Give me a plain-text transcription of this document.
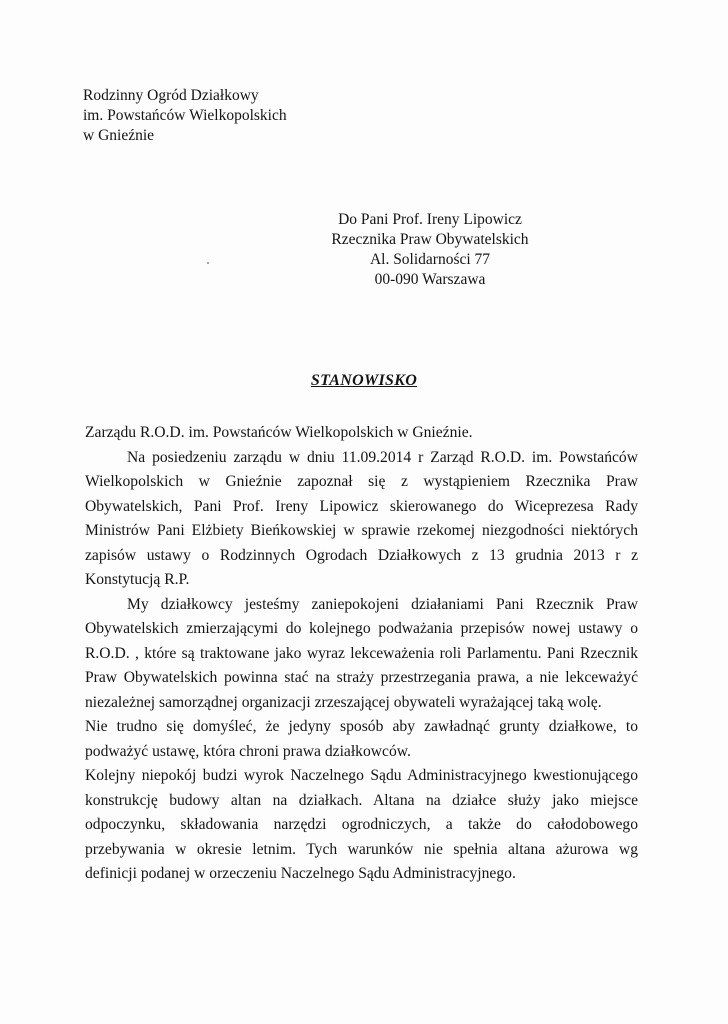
Rodzinny Ogród Działkowy
im. Powstańców Wielkopolskich
w Gnieźnie
Do Pani Prof. Ireny Lipowicz
Rzecznika Praw Obywatelskich
Al. Solidarności 77
00-090 Warszawa
STANOWISKO
Zarządu R.O.D. im. Powstańców Wielkopolskich w Gnieźnie.
Na posiedzeniu zarządu w dniu 11.09.2014 r Zarząd R.O.D. im. Powstańców
Wielkopolskich w Gnieźnie zapoznał się z wystąpieniem Rzecznika Praw
Obywatelskich, Pani Prof. Ireny Lipowicz skierowanego do Wiceprezesa Rady
Ministrów Pani Elżbiety Bieńkowskiej w sprawie rzekomej niezgodności niektórych
zapisów ustawy o Rodzinnych Ogrodach Działkowych z 13 grudnia 2013 r z
Konstytucją R.P.
My działkowcy jesteśmy zaniepokojeni działaniami Pani Rzecznik Praw
Obywatelskich zmierzającymi do kolejnego podważania przepisów nowej ustawy o
R.O.D. , które są traktowane jako wyraz lekceważenia roli Parlamentu. Pani Rzecznik
Praw Obywatelskich powinna stać na straży przestrzegania prawa, a nie lekceważyć
niezależnej samorządnej organizacji zrzeszającej obywateli wyrażającej taką wolę.
Nie trudno się domyśleć, że jedyny sposób aby zawładnąć grunty działkowe, to
podważyć ustawę, która chroni prawa działkowców.
Kolejny niepokój budzi wyrok Naczelnego Sądu Administracyjnego kwestionującego
konstrukcję budowy altan na działkach. Altana na działce służy jako miejsce
odpoczynku, składowania narzędzi ogrodniczych, a także do całodobowego
przebywania w okresie letnim. Tych warunków nie spełnia altana ażurowa wg
definicji podanej w orzeczeniu Naczelnego Sądu Administracyjnego.
